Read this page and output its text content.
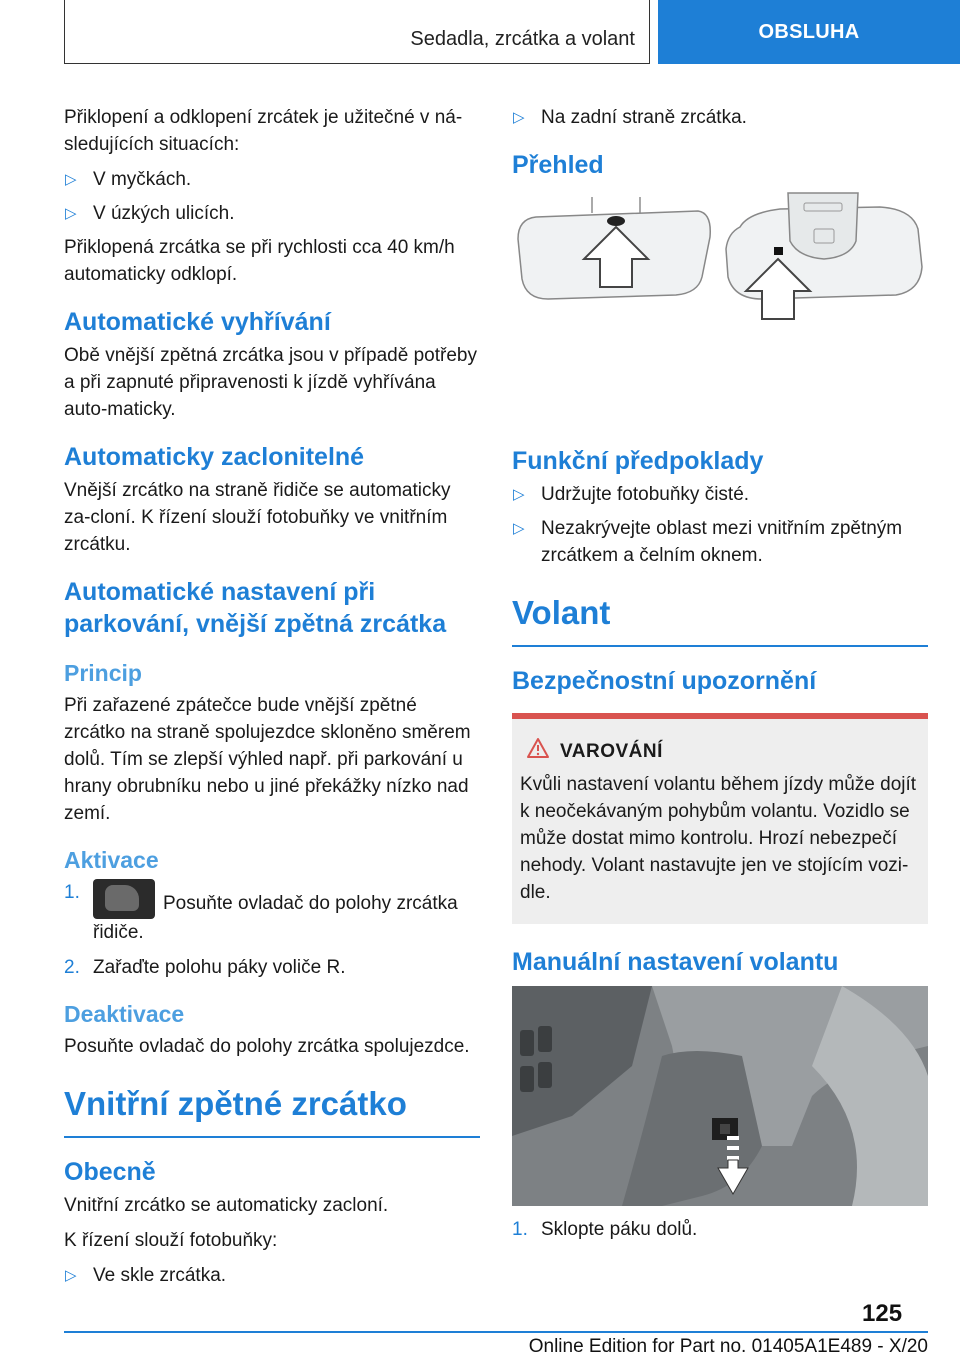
Sedadla, zrcátka a volant	OBSLUHA

Přiklopení a odklopení zrcátek je užitečné v ná-sledujících situacích:

▷ V myčkách.
▷ V úzkých ulicích.

Přiklopená zrcátka se při rychlosti cca 40 km/h automaticky odklopí.

Automatické vyhřívání

Obě vnější zpětná zrcátka jsou v případě potřeby a při zapnuté připravenosti k jízdě vyhřívána auto-maticky.

Automaticky zaclonitelné

Vnější zrcátko na straně řidiče se automaticky za-cloní. K řízení slouží fotobuňky ve vnitřním zrcátku.

Automatické nastavení při parkování, vnější zpětná zrcátka
Princip

Při zařazené zpátečce bude vnější zpětné zrcátko na straně spolujezdce skloněno směrem dolů. Tím se zlepší výhled např. při parkování u hrany obrubníku nebo u jiné překážky nízko nad zemí.

Aktivace
1.
Posuňte ovladač do polohy zrcátka řidiče.
2. Zařaďte polohu páky voliče R.
Deaktivace

Posuňte ovladač do polohy zrcátka spolujezdce.

Vnitřní zpětné zrcátko
Obecně

Vnitřní zrcátko se automaticky zacloní.

K řízení slouží fotobuňky:

▷ Ve skle zrcátka.
▷ Na zadní straně zrcátka.
Přehled
Funkční předpoklady
▷ Udržujte fotobuňky čisté.
▷ Nezakrývejte oblast mezi vnitřním zpětným zrcátkem a čelním oknem.
Volant
Bezpečnostní upozornění
VAROVÁNÍ

Kvůli nastavení volantu během jízdy může dojít k neočekávaným pohybům volantu. Vozidlo se může dostat mimo kontrolu. Hrozí nebezpečí nehody. Volant nastavujte jen ve stojícím vozi-dle.

Manuální nastavení volantu
1. Sklopte páku dolů.
125
Online Edition for Part no. 01405A1E489 - X/20
